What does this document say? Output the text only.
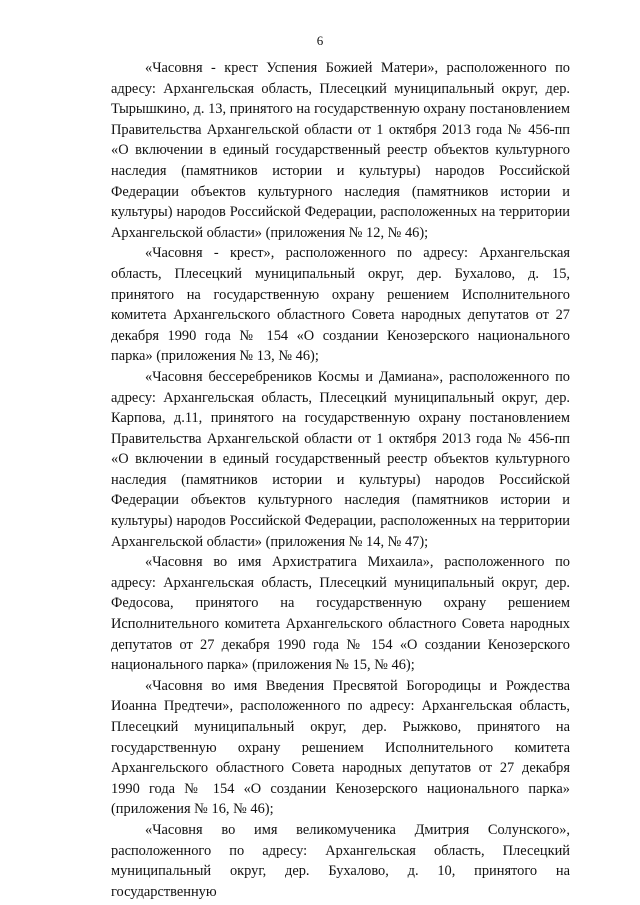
6

«Часовня - крест Успения Божией Матери», расположенного по адресу: Архангельская область, Плесецкий муниципальный округ, дер. Тырышкино, д. 13, принятого на государственную охрану постановлением Правительства Архангельской области от 1 октября 2013 года № 456-пп «О включении в единый государственный реестр объектов культурного наследия (памятников истории и культуры) народов Российской Федерации объектов культурного наследия (памятников истории и культуры) народов Российской Федерации, расположенных на территории Архангельской области» (приложения № 12, № 46);

«Часовня - крест», расположенного по адресу: Архангельская область, Плесецкий муниципальный округ, дер. Бухалово, д. 15, принятого на государственную охрану решением Исполнительного комитета Архангельского областного Совета народных депутатов от 27 декабря 1990 года № 154 «О создании Кенозерского национального парка» (приложения № 13, № 46);

«Часовня бессеребреников Космы и Дамиана», расположенного по адресу: Архангельская область, Плесецкий муниципальный округ, дер. Карпова, д.11, принятого на государственную охрану постановлением Правительства Архангельской области от 1 октября 2013 года № 456-пп «О включении в единый государственный реестр объектов культурного наследия (памятников истории и культуры) народов Российской Федерации объектов культурного наследия (памятников истории и культуры) народов Российской Федерации, расположенных на территории Архангельской области» (приложения № 14, № 47);

«Часовня во имя Архистратига Михаила», расположенного по адресу: Архангельская область, Плесецкий муниципальный округ, дер. Федосова, принятого на государственную охрану решением Исполнительного комитета Архангельского областного Совета народных депутатов от 27 декабря 1990 года № 154 «О создании Кенозерского национального парка» (приложения № 15, № 46);

«Часовня во имя Введения Пресвятой Богородицы и Рождества Иоанна Предтечи», расположенного по адресу: Архангельская область, Плесецкий муниципальный округ, дер. Рыжково, принятого на государственную охрану решением Исполнительного комитета Архангельского областного Совета народных депутатов от 27 декабря 1990 года № 154 «О создании Кенозерского национального парка» (приложения № 16, № 46);

«Часовня во имя великомученика Дмитрия Солунского», расположенного по адресу: Архангельская область, Плесецкий муниципальный округ, дер. Бухалово, д. 10, принятого на государственную
